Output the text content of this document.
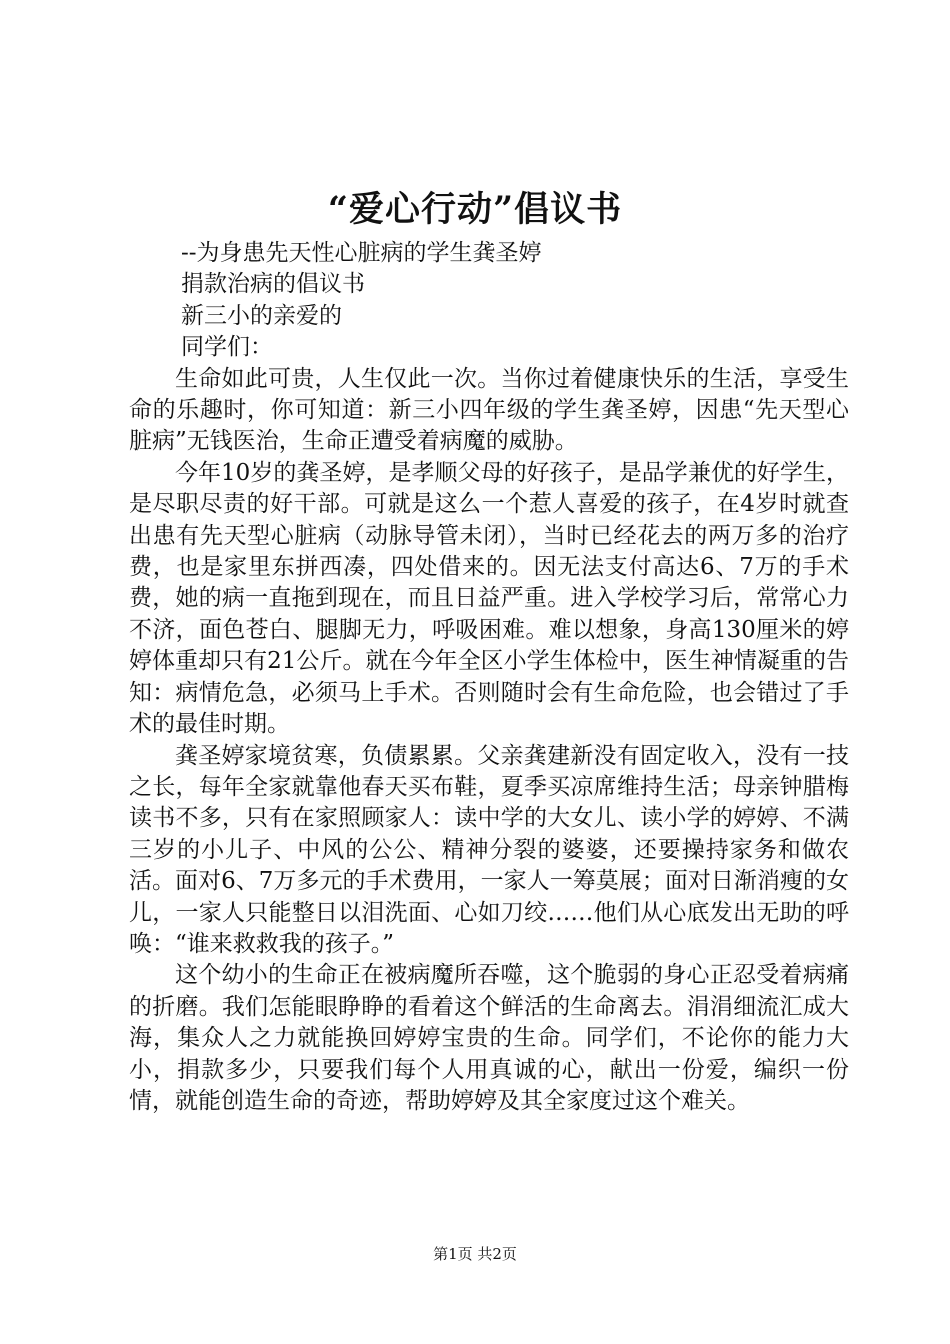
“爱心行动”倡议书

--为身患先天性心脏病的学生龚圣婷

捐款治病的倡议书

新三小的亲爱的

同学们：

生命如此可贵，人生仅此一次。当你过着健康快乐的生活，享受生命的乐趣时，你可知道：新三小四年级的学生龚圣婷，因患“先天型心脏病”无钱医治，生命正遭受着病魔的威胁。

今年10岁的龚圣婷，是孝顺父母的好孩子，是品学兼优的好学生，是尽职尽责的好干部。可就是这么一个惹人喜爱的孩子，在4岁时就查出患有先天型心脏病（动脉导管未闭），当时已经花去的两万多的治疗费，也是家里东拼西凑，四处借来的。因无法支付高达6、7万的手术费，她的病一直拖到现在，而且日益严重。进入学校学习后，常常心力不济，面色苍白、腿脚无力，呼吸困难。难以想象，身高130厘米的婷婷体重却只有21公斤。就在今年全区小学生体检中，医生神情凝重的告知：病情危急，必须马上手术。否则随时会有生命危险，也会错过了手术的最佳时期。

龚圣婷家境贫寒，负债累累。父亲龚建新没有固定收入，没有一技之长，每年全家就靠他春天买布鞋，夏季买凉席维持生活；母亲钟腊梅读书不多，只有在家照顾家人：读中学的大女儿、读小学的婷婷、不满三岁的小儿子、中风的公公、精神分裂的婆婆，还要操持家务和做农活。面对6、7万多元的手术费用，一家人一筹莫展；面对日渐消瘦的女儿，一家人只能整日以泪洗面、心如刀绞……他们从心底发出无助的呼唤：“谁来救救我的孩子。”

这个幼小的生命正在被病魔所吞噬，这个脆弱的身心正忍受着病痛的折磨。我们怎能眼睁睁的看着这个鲜活的生命离去。涓涓细流汇成大海，集众人之力就能换回婷婷宝贵的生命。同学们，不论你的能力大小，捐款多少，只要我们每个人用真诚的心，献出一份爱，编织一份情，就能创造生命的奇迹，帮助婷婷及其全家度过这个难关。

第1页 共2页
